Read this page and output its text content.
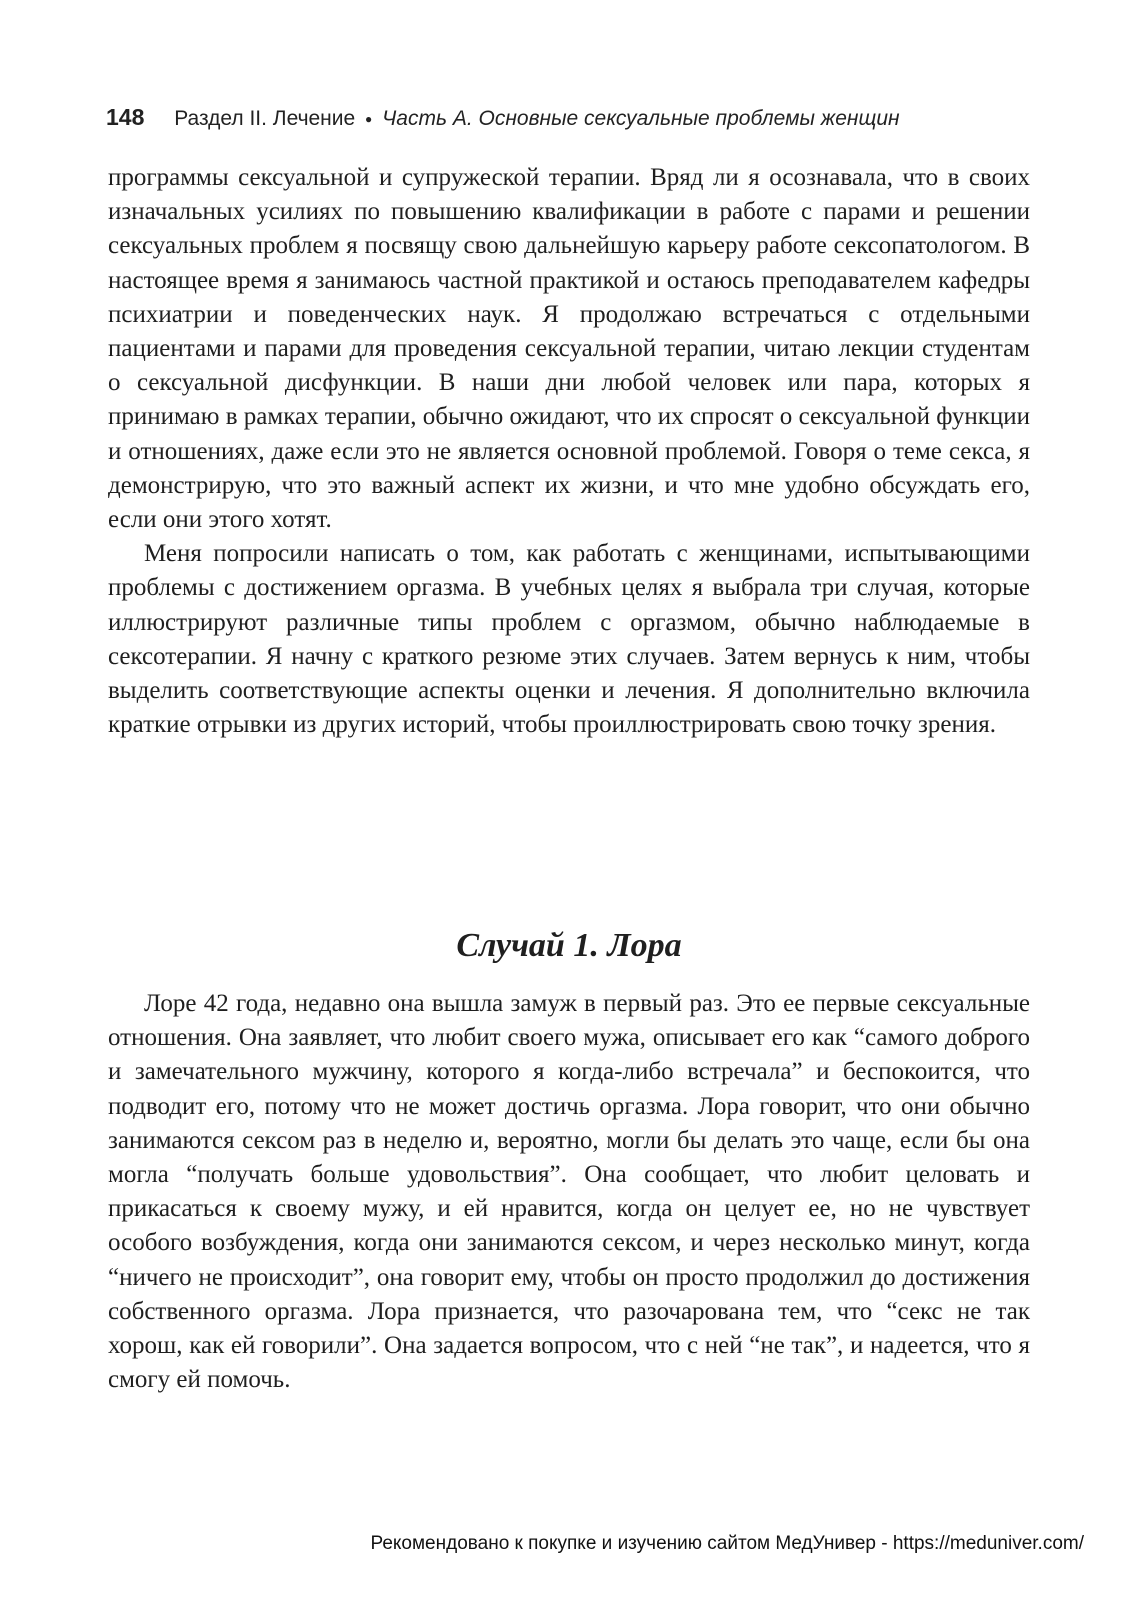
148 Раздел II. Лечение ● Часть А. Основные сексуальные проблемы женщин

программы сексуальной и супружеской терапии. Вряд ли я осознавала, что в своих изначальных усилиях по повышению квалификации в работе с парами и решении сексуальных проблем я посвящу свою дальнейшую карьеру работе сексопатологом. В настоящее время я занимаюсь частной практикой и остаюсь преподавателем кафедры психиатрии и поведенческих наук. Я продолжаю встречаться с отдельными пациентами и парами для проведения сексуальной терапии, читаю лекции студентам о сексуальной дисфункции. В наши дни любой человек или пара, которых я принимаю в рамках терапии, обычно ожидают, что их спросят о сексуальной функции и отношениях, даже если это не является основной проблемой. Говоря о теме секса, я демонстрирую, что это важный аспект их жизни, и что мне удобно обсуждать его, если они этого хотят.

Меня попросили написать о том, как работать с женщинами, испытывающими проблемы с достижением оргазма. В учебных целях я выбрала три случая, которые иллюстрируют различные типы проблем с оргазмом, обычно наблюдаемые в сексотерапии. Я начну с краткого резюме этих случаев. Затем вернусь к ним, чтобы выделить соответствующие аспекты оценки и лечения. Я дополнительно включила краткие отрывки из других историй, чтобы проиллюстрировать свою точку зрения.

Случай 1. Лора

Лоре 42 года, недавно она вышла замуж в первый раз. Это ее первые сексуальные отношения. Она заявляет, что любит своего мужа, описывает его как “самого доброго и замечательного мужчину, которого я когда-либо встречала” и беспокоится, что подводит его, потому что не может достичь оргазма. Лора говорит, что они обычно занимаются сексом раз в неделю и, вероятно, могли бы делать это чаще, если бы она могла “получать больше удовольствия”. Она сообщает, что любит целовать и прикасаться к своему мужу, и ей нравится, когда он целует ее, но не чувствует особого возбуждения, когда они занимаются сексом, и через несколько минут, когда “ничего не происходит”, она говорит ему, чтобы он просто продолжил до достижения собственного оргазма. Лора признается, что разочарована тем, что “секс не так хорош, как ей говорили”. Она задается вопросом, что с ней “не так”, и надеется, что я смогу ей помочь.

Рекомендовано к покупке и изучению сайтом МедУнивер - https://meduniver.com/
